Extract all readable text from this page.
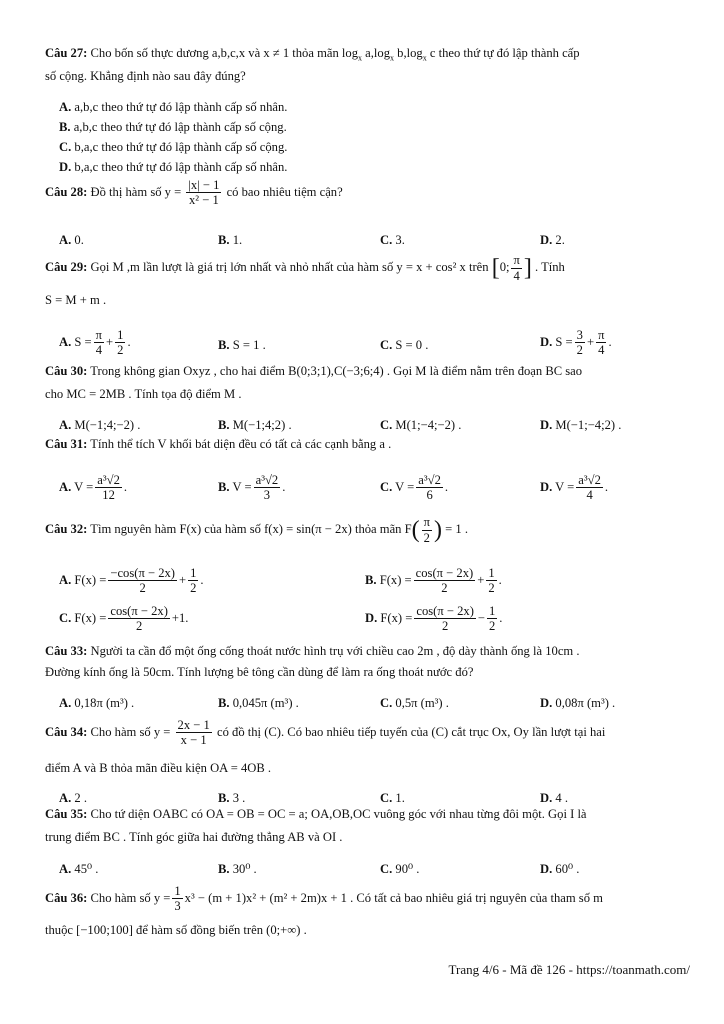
Câu 27: Cho bốn số thực dương a,b,c,x và x ≠ 1 thỏa mãn $\log_x a,\log_x$ $b,\log_x$ c theo thứ tự đó lập thành cấp
số cộng. Khẳng định nào sau đây đúng?
A. a,b,c theo thứ tự đó lập thành cấp số nhân.
B. a,b,c theo thứ tự đó lập thành cấp số cộng.
C. b,a,c theo thứ tự đó lập thành cấp số cộng.
D. b,a,c theo thứ tự đó lập thành cấp số nhân.
Câu 28: Đồ thị hàm số $y = \frac{|x| - 1}{\text{x² − 1}}$ có bao nhiêu tiệm cận?
A. 0.	B. 1.	C. 3.	D. 2.
Câu 29: Gọi M ,m lần lượt là giá trị lớn nhất và nhỏ nhất của hàm số y = x + cos² x trên [0; $\frac{\pi}{4}$ ] . Tính
S = M + m .
A. $S = \frac{\pi}{4} + \frac{1}{2}$ .	B. S = 1 .	C. S = 0 .	D. $S = \frac{3}{2} + \frac{\pi}{4}$ .
Câu 30: Trong không gian Oxyz , cho hai điểm B(0;3;1),C(−3;6;4) . Gọi M là điểm nằm trên đoạn BC sao
cho MC = 2MB . Tính tọa độ điểm M .
A. M(−1;4;−2) .	B. M(−1;4;2) .	C. M(1;−4;−2) .	D. M(−1;−4;2) .
Câu 31: Tính thể tích V khối bát diện đều có tất cả các cạnh bằng a .
A. $V = \frac{\text{a³√2}}{12}$ .	B. $V = \frac{\text{a³√2}}{3}$ .	C. $V = \frac{\text{a³√2}}{6}$ .	D. $V = \frac{\text{a³√2}}{4}$ .
Câu 32: Tìm nguyên hàm F(x) của hàm số f(x) = sin(π − 2x) thỏa mãn $F( \frac{\pi}{2}$ ) = 1 .
A. $F(x) = \frac{-\cos(\pi - 2x)}{2} + \frac{1}{2}$ .	B. $F(x) = \frac{\cos(\pi - 2x)}{2} + \frac{1}{2}$ .
C. $F(x) = \frac{\cos(\pi - 2x)}{2} +1$.	D. $F(x) = \frac{\cos(\pi - 2x)}{2} - \frac{1}{2}$ .
Câu 33: Người ta cần đổ một ống cống thoát nước hình trụ với chiều cao 2m , độ dày thành ống là 10cm .
Đường kính ống là 50cm. Tính lượng bê tông cần dùng để làm ra ống thoát nước đó?
A. 0,18π (m³) .	B. 0,045π (m³) .	C. 0,5π (m³) .	D. 0,08π (m³) .
Câu 34: Cho hàm số $y = \frac{2x - 1}{x - 1}$ có đồ thị (C). Có bao nhiêu tiếp tuyến của (C) cắt trục Ox, Oy lần lượt tại hai
điểm A và B thỏa mãn điều kiện OA = 4OB .
A. 2 .	B. 3 .	C. 1.	D. 4 .
Câu 35: Cho tứ diện OABC có OA = OB = OC = a; OA,OB,OC vuông góc với nhau từng đôi một. Gọi I là
trung điểm BC . Tính góc giữa hai đường thẳng AB và OI .
A. 45⁰ .	B. 30⁰ .	C. 90⁰ .	D. 60⁰ .
Câu 36: Cho hàm số $y = \frac{1}{3} x^3 - (m + 1)x^2 + (m^2 + 2m)x + 1$ . Có tất cả bao nhiêu giá trị nguyên của tham số m
thuộc [−100;100] để hàm số đồng biến trên (0;+∞) .
Trang 4/6 - Mã đề 126 - https://toanmath.com/
